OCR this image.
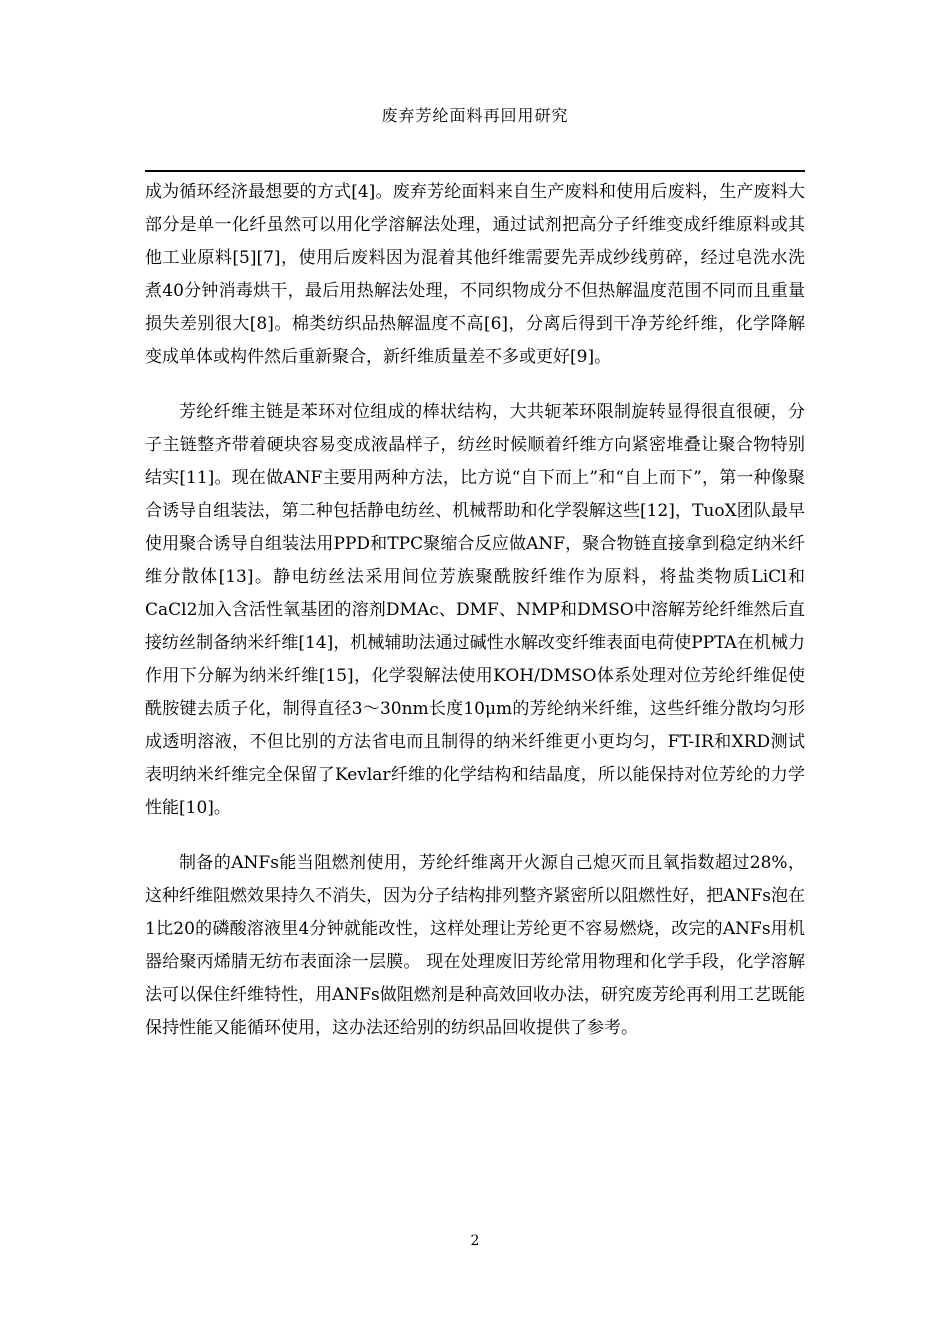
废弃芳纶面料再回用研究

成为循环经济最想要的方式[4]。废弃芳纶面料来自生产废料和使用后废料，生产废料大部分是单一化纤虽然可以用化学溶解法处理，通过试剂把高分子纤维变成纤维原料或其他工业原料[5][7]，使用后废料因为混着其他纤维需要先弄成纱线剪碎，经过皂洗水洗煮40分钟消毒烘干，最后用热解法处理，不同织物成分不但热解温度范围不同而且重量损失差别很大[8]。棉类纺织品热解温度不高[6]，分离后得到干净芳纶纤维，化学降解变成单体或构件然后重新聚合，新纤维质量差不多或更好[9]。

芳纶纤维主链是苯环对位组成的棒状结构，大共轭苯环限制旋转显得很直很硬，分子主链整齐带着硬块容易变成液晶样子，纺丝时候顺着纤维方向紧密堆叠让聚合物特别结实[11]。现在做ANF主要用两种方法，比方说“自下而上”和“自上而下”，第一种像聚合诱导自组装法，第二种包括静电纺丝、机械帮助和化学裂解这些[12]，TuoX团队最早使用聚合诱导自组装法用PPD和TPC聚缩合反应做ANF，聚合物链直接拿到稳定纳米纤维分散体[13]。静电纺丝法采用间位芳族聚酰胺纤维作为原料，将盐类物质LiCl和CaCl2加入含活性氧基团的溶剂DMAc、DMF、NMP和DMSO中溶解芳纶纤维然后直接纺丝制备纳米纤维[14]，机械辅助法通过碱性水解改变纤维表面电荷使PPTA在机械力作用下分解为纳米纤维[15]，化学裂解法使用KOH/DMSO体系处理对位芳纶纤维促使酰胺键去质子化，制得直径3～30nm长度10μm的芳纶纳米纤维，这些纤维分散均匀形成透明溶液，不但比别的方法省电而且制得的纳米纤维更小更均匀，FT-IR和XRD测试表明纳米纤维完全保留了Kevlar纤维的化学结构和结晶度，所以能保持对位芳纶的力学性能[10]。

制备的ANFs能当阻燃剂使用，芳纶纤维离开火源自己熄灭而且氧指数超过28%，这种纤维阻燃效果持久不消失，因为分子结构排列整齐紧密所以阻燃性好，把ANFs泡在1比20的磷酸溶液里4分钟就能改性，这样处理让芳纶更不容易燃烧，改完的ANFs用机器给聚丙烯腈无纺布表面涂一层膜。 现在处理废旧芳纶常用物理和化学手段，化学溶解法可以保住纤维特性，用ANFs做阻燃剂是种高效回收办法，研究废芳纶再利用工艺既能保持性能又能循环使用，这办法还给别的纺织品回收提供了参考。

2
